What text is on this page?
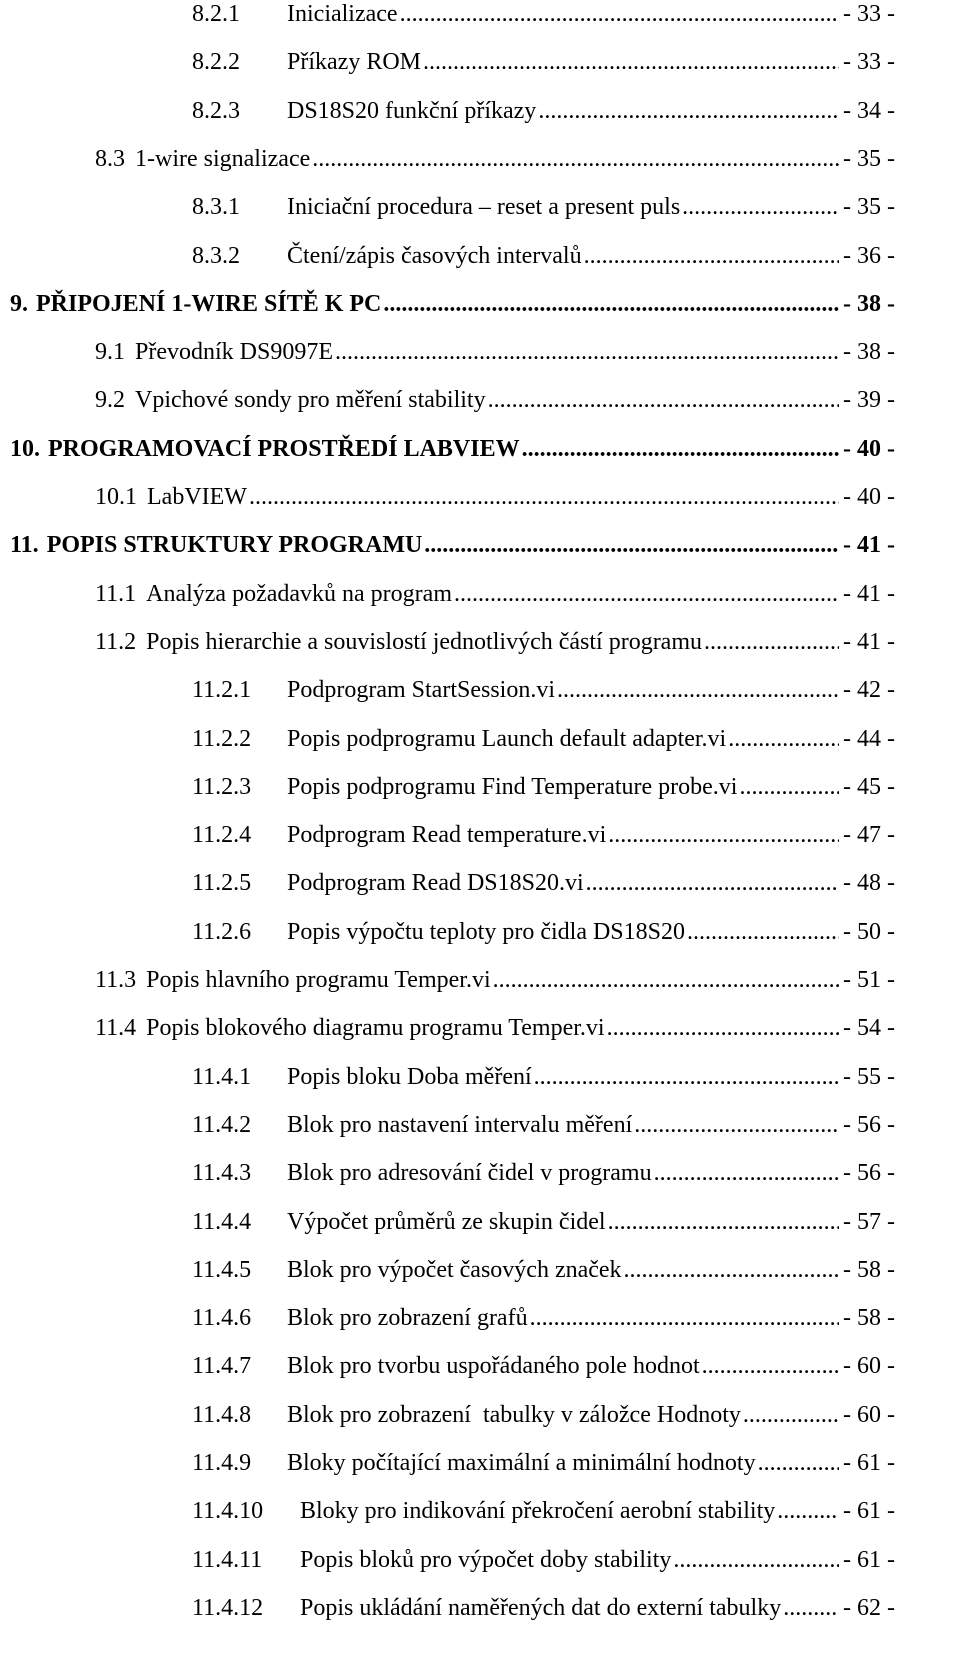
8.2.1	Inicializace .....	- 33 -
8.2.2	Příkazy ROM .....	- 33 -
8.2.3	DS18S20 funkční příkazy .....	- 34 -
8.3 1-wire signalizace .....	- 35 -
8.3.1	Iniciační procedura – reset a present puls .....	- 35 -
8.3.2	Čtení/zápis časových intervalů .....	- 36 -
9. PŘIPOJENÍ 1-WIRE SÍTĚ K PC .....	- 38 -
9.1 Převodník DS9097E .....	- 38 -
9.2 Vpichové sondy pro měření stability .....	- 39 -
10. PROGRAMOVACÍ PROSTŘEDÍ LABVIEW .....	- 40 -
10.1 LabVIEW .....	- 40 -
11. POPIS STRUKTURY PROGRAMU .....	- 41 -
11.1 Analýza požadavků na program .....	- 41 -
11.2 Popis hierarchie a souvislostí jednotlivých částí programu .....	- 41 -
11.2.1	Podprogram StartSession.vi .....	- 42 -
11.2.2	Popis podprogramu Launch default adapter.vi .....	- 44 -
11.2.3	Popis podprogramu Find Temperature probe.vi .....	- 45 -
11.2.4	Podprogram Read temperature.vi .....	- 47 -
11.2.5	Podprogram Read DS18S20.vi .....	- 48 -
11.2.6	Popis výpočtu teploty pro čidla DS18S20 .....	- 50 -
11.3 Popis hlavního programu Temper.vi .....	- 51 -
11.4 Popis blokového diagramu programu Temper.vi .....	- 54 -
11.4.1	Popis bloku Doba měření .....	- 55 -
11.4.2	Blok pro nastavení intervalu měření .....	- 56 -
11.4.3	Blok pro adresování čidel v programu .....	- 56 -
11.4.4	Výpočet průměrů ze skupin čidel .....	- 57 -
11.4.5	Blok pro výpočet časových značek .....	- 58 -
11.4.6	Blok pro zobrazení grafů .....	- 58 -
11.4.7	Blok pro tvorbu uspořádaného pole hodnot .....	- 60 -
11.4.8	Blok pro zobrazení  tabulky v záložce Hodnoty .....	- 60 -
11.4.9	Bloky počítající maximální a minimální hodnoty .....	- 61 -
11.4.10	Bloky pro indikování překročení aerobní stability .....	- 61 -
11.4.11	Popis bloků pro výpočet doby stability .....	- 61 -
11.4.12	Popis ukládání naměřených dat do externí tabulky .....	- 62 -
